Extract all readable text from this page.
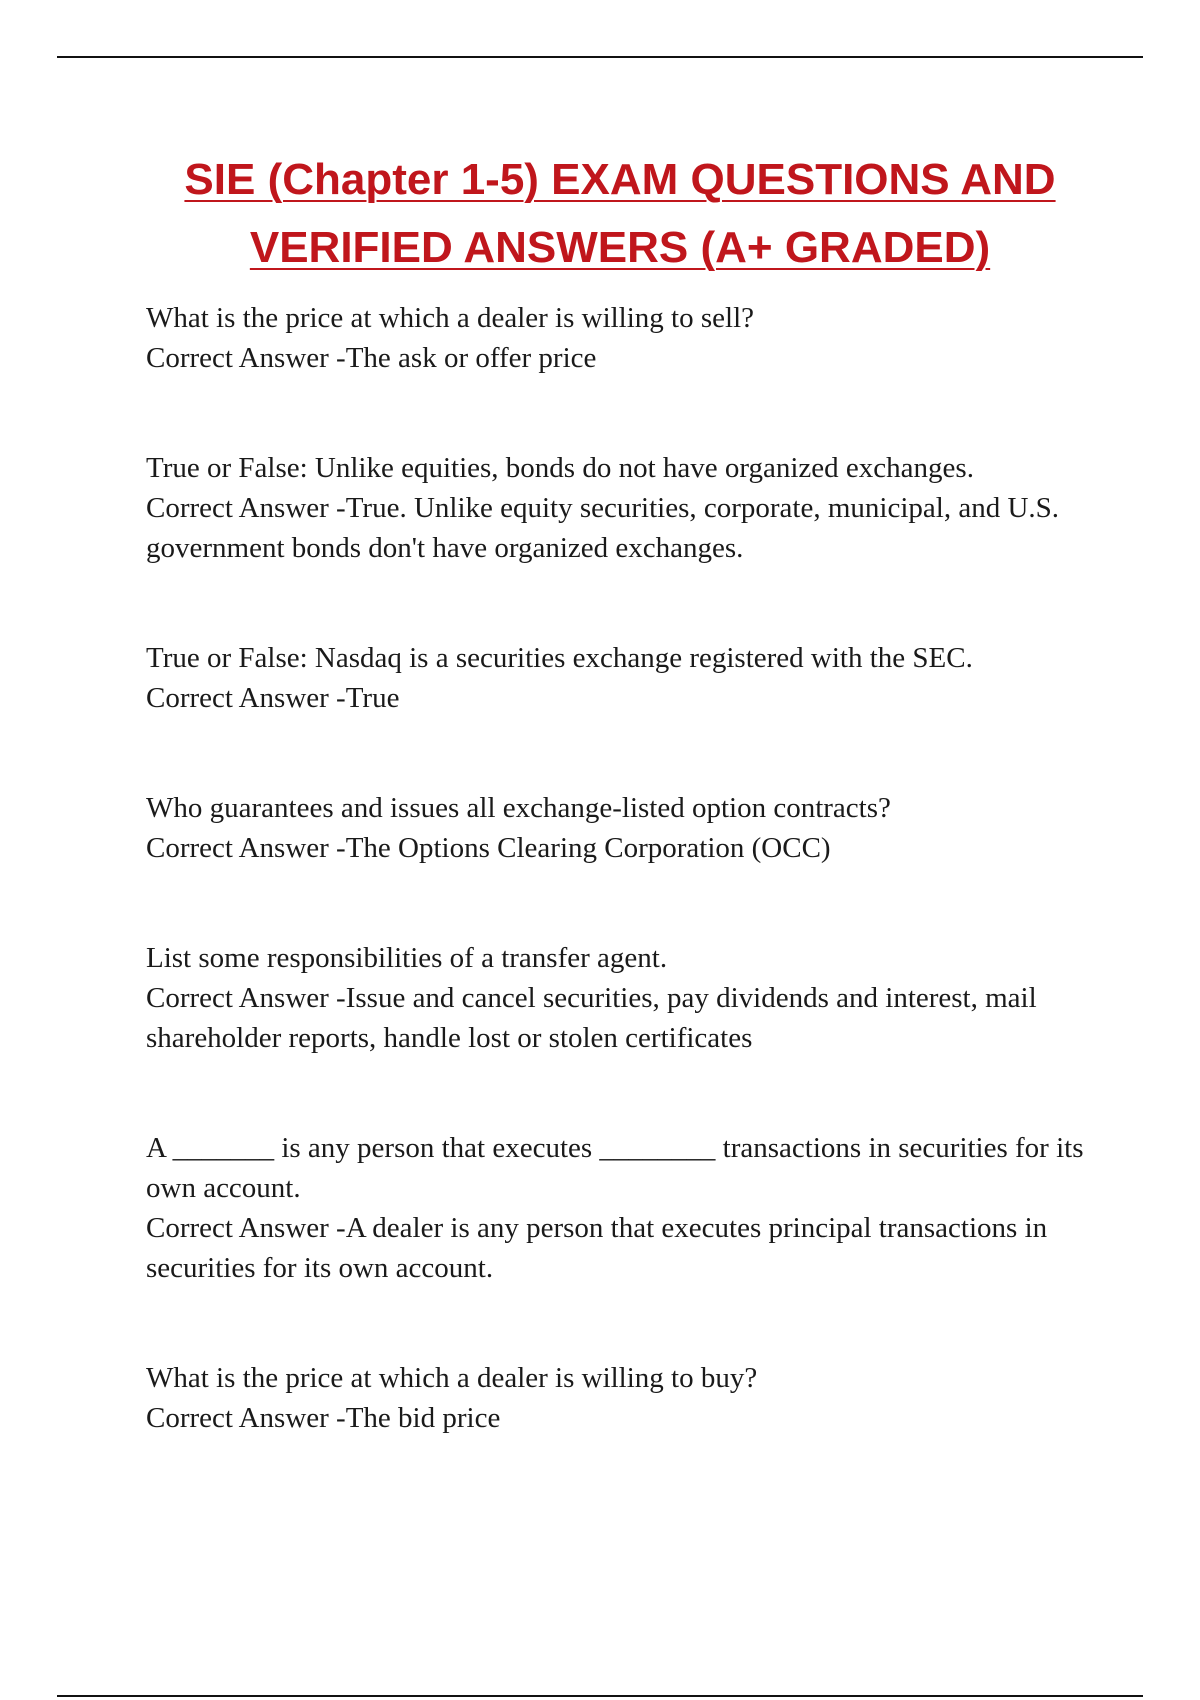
SIE (Chapter 1-5) EXAM QUESTIONS AND
VERIFIED ANSWERS (A+ GRADED)

What is the price at which a dealer is willing to sell?

Correct Answer -The ask or offer price

True or False: Unlike equities, bonds do not have organized exchanges.

Correct Answer -True. Unlike equity securities, corporate, municipal, and U.S. government bonds don't have organized exchanges.

True or False: Nasdaq is a securities exchange registered with the SEC.

Correct Answer -True

Who guarantees and issues all exchange-listed option contracts?

Correct Answer -The Options Clearing Corporation (OCC)

List some responsibilities of a transfer agent.

Correct Answer -Issue and cancel securities, pay dividends and interest, mail shareholder reports, handle lost or stolen certificates

A _______ is any person that executes ________ transactions in securities for its own account.

Correct Answer -A dealer is any person that executes principal transactions in securities for its own account.

What is the price at which a dealer is willing to buy?

Correct Answer -The bid price
